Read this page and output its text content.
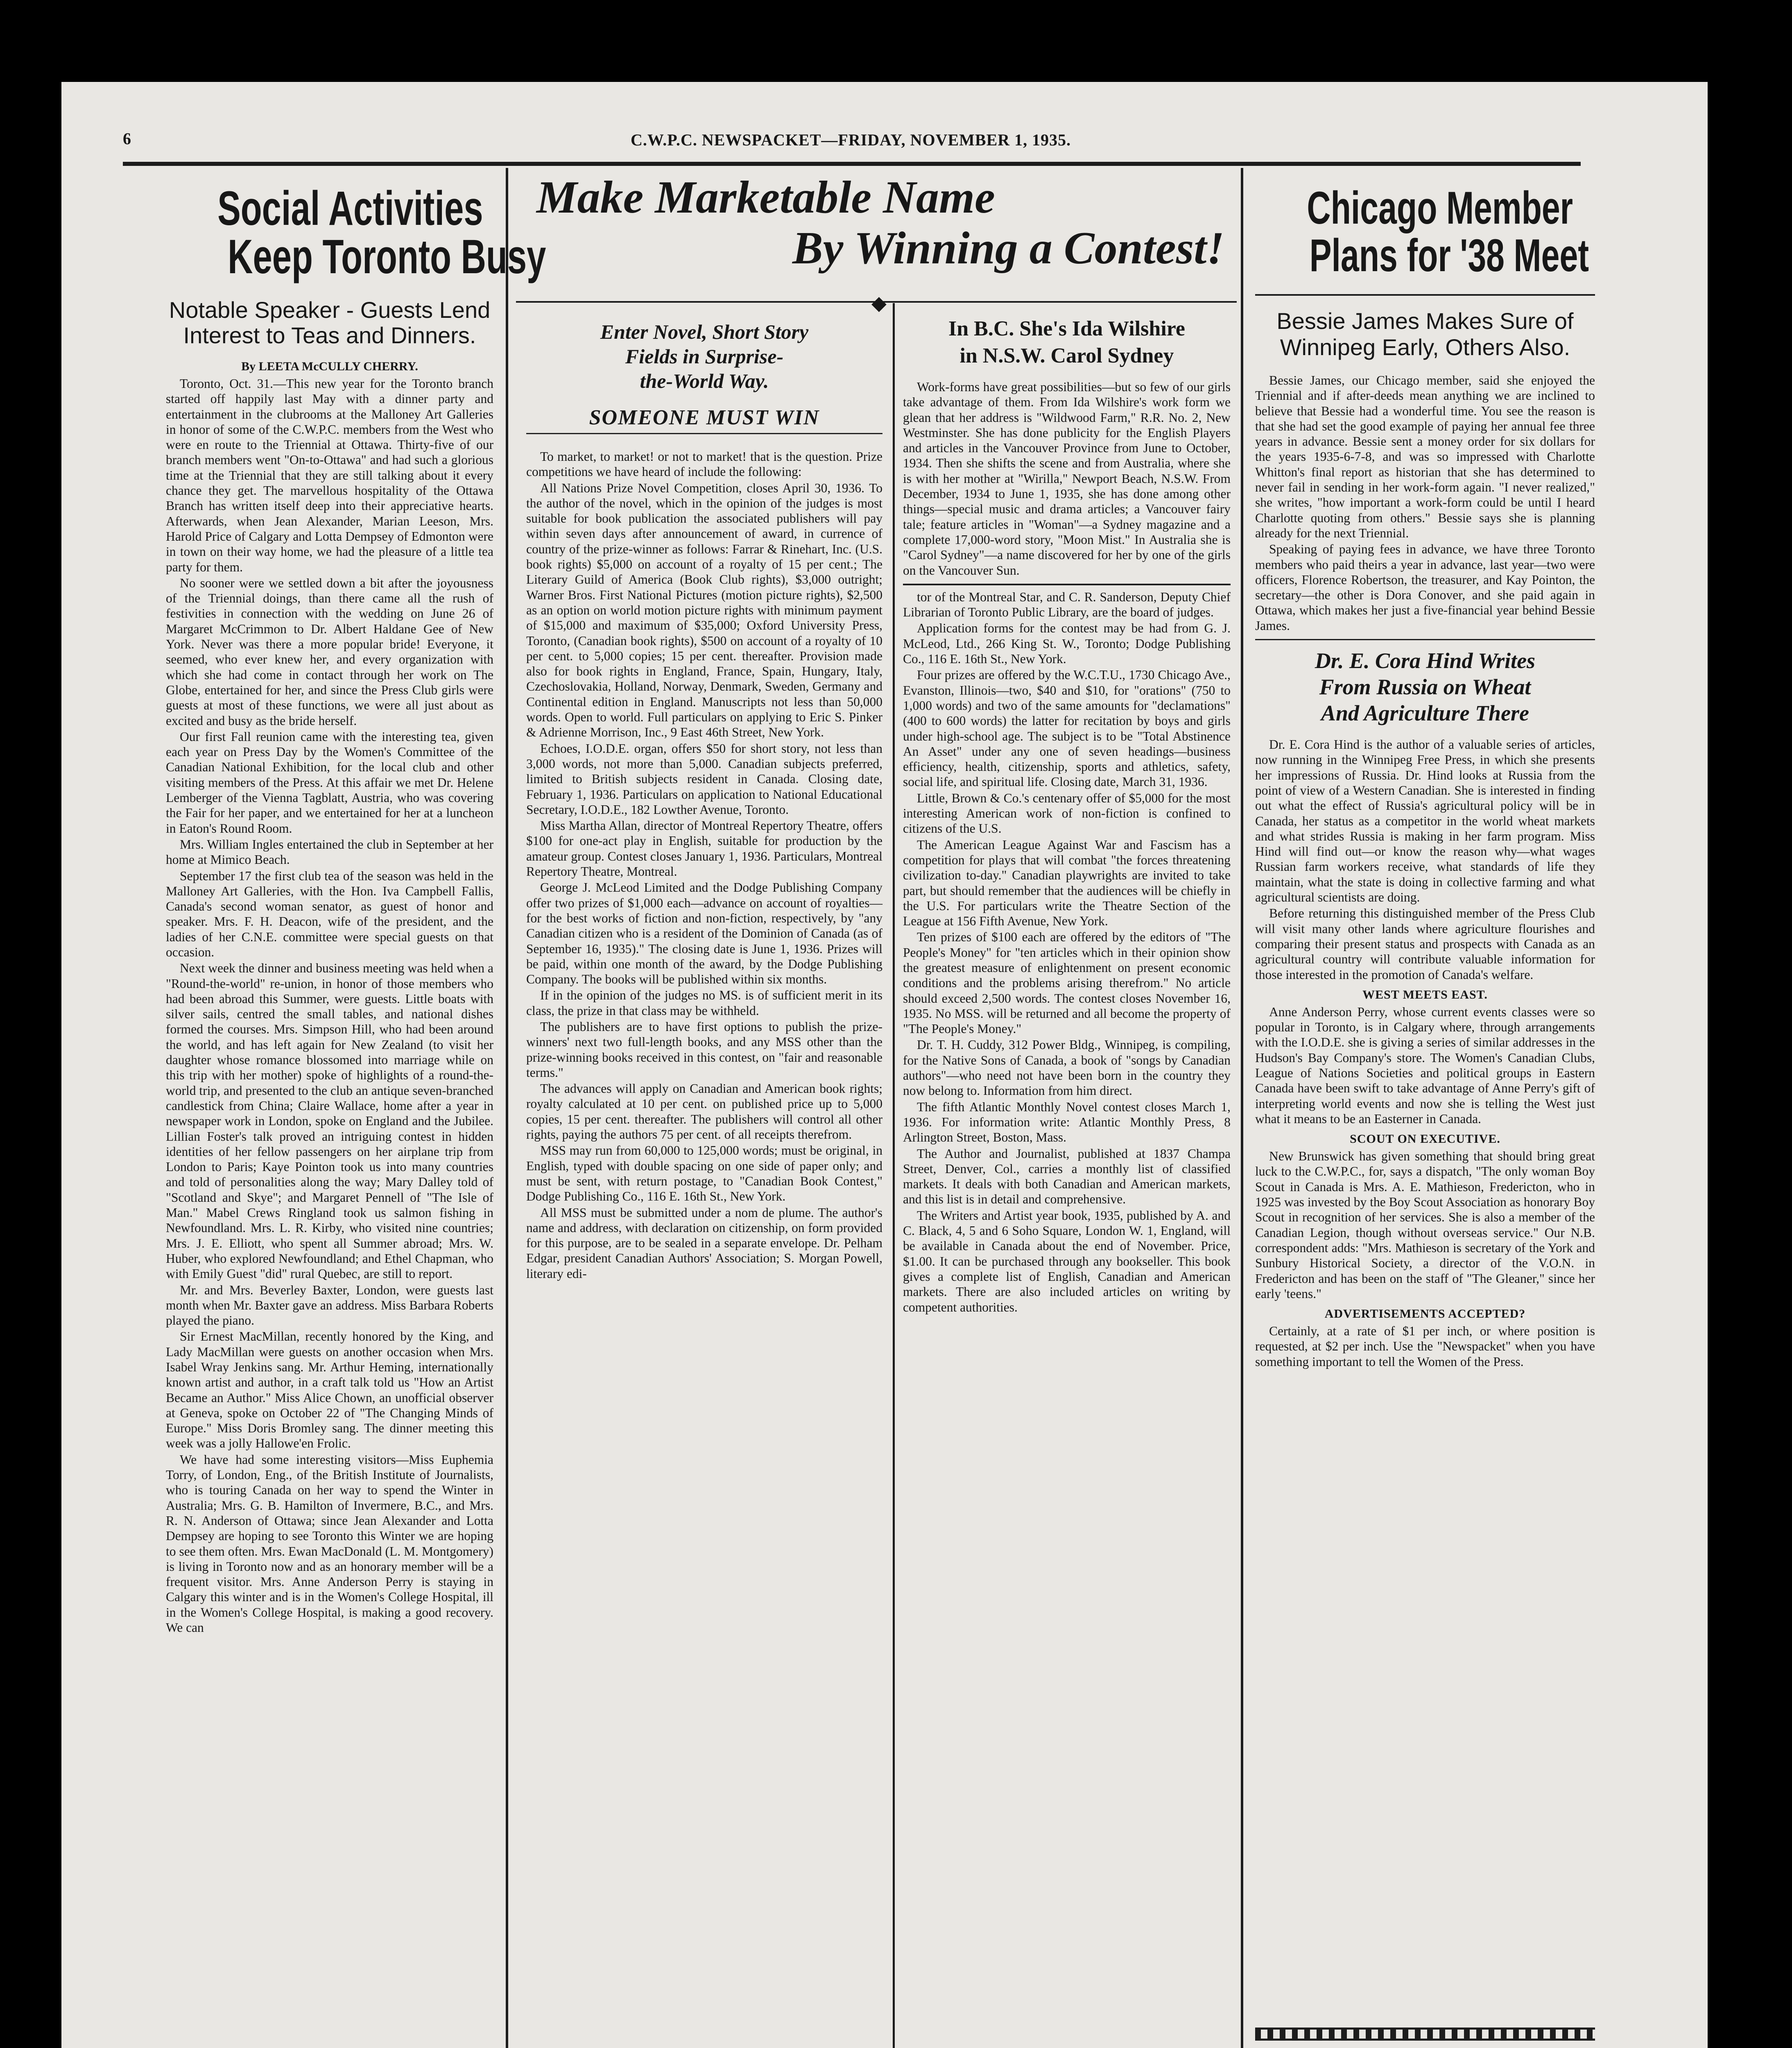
6	C.W.P.C. NEWSPACKET—FRIDAY, NOVEMBER 1, 1935.
Social Activities
Keep Toronto Busy
Notable Speaker - Guests Lend Interest to Teas and Dinners.
By LEETA McCULLY CHERRY.

Toronto, Oct. 31.—This new year for the Toronto branch started off happily last May with a dinner party and entertainment in the clubrooms at the Malloney Art Galleries in honor of some of the C.W.P.C. members from the West who were en route to the Triennial at Ottawa. Thirty-five of our branch members went "On-to-Ottawa" and had such a glorious time at the Triennial that they are still talking about it every chance they get. The marvellous hospitality of the Ottawa Branch has written itself deep into their appreciative hearts. Afterwards, when Jean Alexander, Marian Leeson, Mrs. Harold Price of Calgary and Lotta Dempsey of Edmonton were in town on their way home, we had the pleasure of a little tea party for them.

No sooner were we settled down a bit after the joyousness of the Triennial doings, than there came all the rush of festivities in connection with the wedding on June 26 of Margaret McCrimmon to Dr. Albert Haldane Gee of New York. Never was there a more popular bride! Everyone, it seemed, who ever knew her, and every organization with which she had come in contact through her work on The Globe, entertained for her, and since the Press Club girls were guests at most of these functions, we were all just about as excited and busy as the bride herself.

Our first Fall reunion came with the interesting tea, given each year on Press Day by the Women's Committee of the Canadian National Exhibition, for the local club and other visiting members of the Press. At this affair we met Dr. Helene Lemberger of the Vienna Tagblatt, Austria, who was covering the Fair for her paper, and we entertained for her at a luncheon in Eaton's Round Room.

Mrs. William Ingles entertained the club in September at her home at Mimico Beach.

September 17 the first club tea of the season was held in the Malloney Art Galleries, with the Hon. Iva Campbell Fallis, Canada's second woman senator, as guest of honor and speaker. Mrs. F. H. Deacon, wife of the president, and the ladies of her C.N.E. committee were special guests on that occasion.

Next week the dinner and business meeting was held when a "Round-the-world" re-union, in honor of those members who had been abroad this Summer, were guests. Little boats with silver sails, centred the small tables, and national dishes formed the courses. Mrs. Simpson Hill, who had been around the world, and has left again for New Zealand (to visit her daughter whose romance blossomed into marriage while on this trip with her mother) spoke of highlights of a round-the-world trip, and presented to the club an antique seven-branched candlestick from China; Claire Wallace, home after a year in newspaper work in London, spoke on England and the Jubilee. Lillian Foster's talk proved an intriguing contest in hidden identities of her fellow passengers on her airplane trip from London to Paris; Kaye Pointon took us into many countries and told of personalities along the way; Mary Dalley told of "Scotland and Skye"; and Margaret Pennell of "The Isle of Man." Mabel Crews Ringland took us salmon fishing in Newfoundland. Mrs. L. R. Kirby, who visited nine countries; Mrs. J. E. Elliott, who spent all Summer abroad; Mrs. W. Huber, who explored Newfoundland; and Ethel Chapman, who with Emily Guest "did" rural Quebec, are still to report.

Mr. and Mrs. Beverley Baxter, London, were guests last month when Mr. Baxter gave an address. Miss Barbara Roberts played the piano.

Sir Ernest MacMillan, recently honored by the King, and Lady MacMillan were guests on another occasion when Mrs. Isabel Wray Jenkins sang. Mr. Arthur Heming, internationally known artist and author, in a craft talk told us "How an Artist Became an Author." Miss Alice Chown, an unofficial observer at Geneva, spoke on October 22 of "The Changing Minds of Europe." Miss Doris Bromley sang. The dinner meeting this week was a jolly Hallowe'en Frolic.

We have had some interesting visitors—Miss Euphemia Torry, of London, Eng., of the British Institute of Journalists, who is touring Canada on her way to spend the Winter in Australia; Mrs. G. B. Hamilton of Invermere, B.C., and Mrs. R. N. Anderson of Ottawa; since Jean Alexander and Lotta Dempsey are hoping to see Toronto this Winter we are hoping to see them often. Mrs. Ewan MacDonald (L. M. Montgomery) is living in Toronto now and as an honorary member will be a frequent visitor. Mrs. Anne Anderson Perry is staying in Calgary this winter and is in the Women's College Hospital, ill in the Women's College Hospital, is making a good recovery. We can

Make Marketable Name
By Winning a Contest!
◆
Enter Novel, Short Story
Fields in Surprise-
the-World Way.
SOMEONE MUST WIN

To market, to market! or not to market! that is the question. Prize competitions we have heard of include the following:

All Nations Prize Novel Competition, closes April 30, 1936. To the author of the novel, which in the opinion of the judges is most suitable for book publication the associated publishers will pay within seven days after announcement of award, in currence of country of the prize-winner as follows: Farrar & Rinehart, Inc. (U.S. book rights) $5,000 on account of a royalty of 15 per cent.; The Literary Guild of America (Book Club rights), $3,000 outright; Warner Bros. First National Pictures (motion picture rights), $2,500 as an option on world motion picture rights with minimum payment of $15,000 and maximum of $35,000; Oxford University Press, Toronto, (Canadian book rights), $500 on account of a royalty of 10 per cent. to 5,000 copies; 15 per cent. thereafter. Provision made also for book rights in England, France, Spain, Hungary, Italy, Czechoslovakia, Holland, Norway, Denmark, Sweden, Germany and Continental edition in England. Manuscripts not less than 50,000 words. Open to world. Full particulars on applying to Eric S. Pinker & Adrienne Morrison, Inc., 9 East 46th Street, New York.

Echoes, I.O.D.E. organ, offers $50 for short story, not less than 3,000 words, not more than 5,000. Canadian subjects preferred, limited to British subjects resident in Canada. Closing date, February 1, 1936. Particulars on application to National Educational Secretary, I.O.D.E., 182 Lowther Avenue, Toronto.

Miss Martha Allan, director of Montreal Repertory Theatre, offers $100 for one-act play in English, suitable for production by the amateur group. Contest closes January 1, 1936. Particulars, Montreal Repertory Theatre, Montreal.

George J. McLeod Limited and the Dodge Publishing Company offer two prizes of $1,000 each—advance on account of royalties—for the best works of fiction and non-fiction, respectively, by "any Canadian citizen who is a resident of the Dominion of Canada (as of September 16, 1935)." The closing date is June 1, 1936. Prizes will be paid, within one month of the award, by the Dodge Publishing Company. The books will be published within six months.

If in the opinion of the judges no MS. is of sufficient merit in its class, the prize in that class may be withheld.

The publishers are to have first options to publish the prize-winners' next two full-length books, and any MSS other than the prize-winning books received in this contest, on "fair and reasonable terms."

The advances will apply on Canadian and American book rights; royalty calculated at 10 per cent. on published price up to 5,000 copies, 15 per cent. thereafter. The publishers will control all other rights, paying the authors 75 per cent. of all receipts therefrom.

MSS may run from 60,000 to 125,000 words; must be original, in English, typed with double spacing on one side of paper only; and must be sent, with return postage, to "Canadian Book Contest," Dodge Publishing Co., 116 E. 16th St., New York.

All MSS must be submitted under a nom de plume. The author's name and address, with declaration on citizenship, on form provided for this purpose, are to be sealed in a separate envelope. Dr. Pelham Edgar, president Canadian Authors' Association; S. Morgan Powell, literary edi-

In B.C. She's Ida Wilshire
in N.S.W. Carol Sydney

Work-forms have great possibilities—but so few of our girls take advantage of them. From Ida Wilshire's work form we glean that her address is "Wildwood Farm," R.R. No. 2, New Westminster. She has done publicity for the English Players and articles in the Vancouver Province from June to October, 1934. Then she shifts the scene and from Australia, where she is with her mother at "Wirilla," Newport Beach, N.S.W. From December, 1934 to June 1, 1935, she has done among other things—special music and drama articles; a Vancouver fairy tale; feature articles in "Woman"—a Sydney magazine and a complete 17,000-word story, "Moon Mist." In Australia she is "Carol Sydney"—a name discovered for her by one of the girls on the Vancouver Sun.

tor of the Montreal Star, and C. R. Sanderson, Deputy Chief Librarian of Toronto Public Library, are the board of judges.

Application forms for the contest may be had from G. J. McLeod, Ltd., 266 King St. W., Toronto; Dodge Publishing Co., 116 E. 16th St., New York.

Four prizes are offered by the W.C.T.U., 1730 Chicago Ave., Evanston, Illinois—two, $40 and $10, for "orations" (750 to 1,000 words) and two of the same amounts for "declamations" (400 to 600 words) the latter for recitation by boys and girls under high-school age. The subject is to be "Total Abstinence An Asset" under any one of seven headings—business efficiency, health, citizenship, sports and athletics, safety, social life, and spiritual life. Closing date, March 31, 1936.

Little, Brown & Co.'s centenary offer of $5,000 for the most interesting American work of non-fiction is confined to citizens of the U.S.

The American League Against War and Fascism has a competition for plays that will combat "the forces threatening civilization to-day." Canadian playwrights are invited to take part, but should remember that the audiences will be chiefly in the U.S. For particulars write the Theatre Section of the League at 156 Fifth Avenue, New York.

Ten prizes of $100 each are offered by the editors of "The People's Money" for "ten articles which in their opinion show the greatest measure of enlightenment on present economic conditions and the problems arising therefrom." No article should exceed 2,500 words. The contest closes November 16, 1935. No MSS. will be returned and all become the property of "The People's Money."

Dr. T. H. Cuddy, 312 Power Bldg., Winnipeg, is compiling, for the Native Sons of Canada, a book of "songs by Canadian authors"—who need not have been born in the country they now belong to. Information from him direct.

The fifth Atlantic Monthly Novel contest closes March 1, 1936. For information write: Atlantic Monthly Press, 8 Arlington Street, Boston, Mass.

The Author and Journalist, published at 1837 Champa Street, Denver, Col., carries a monthly list of classified markets. It deals with both Canadian and American markets, and this list is in detail and comprehensive.

The Writers and Artist year book, 1935, published by A. and C. Black, 4, 5 and 6 Soho Square, London W. 1, England, will be available in Canada about the end of November. Price, $1.00. It can be purchased through any bookseller. This book gives a complete list of English, Canadian and American markets. There are also included articles on writing by competent authorities.

Chicago Member
Plans for '38 Meet
Bessie James Makes Sure of Winnipeg Early, Others Also.

Bessie James, our Chicago member, said she enjoyed the Triennial and if after-deeds mean anything we are inclined to believe that Bessie had a wonderful time. You see the reason is that she had set the good example of paying her annual fee three years in advance. Bessie sent a money order for six dollars for the years 1935-6-7-8, and was so impressed with Charlotte Whitton's final report as historian that she has determined to never fail in sending in her work-form again. "I never realized," she writes, "how important a work-form could be until I heard Charlotte quoting from others." Bessie says she is planning already for the next Triennial.

Speaking of paying fees in advance, we have three Toronto members who paid theirs a year in advance, last year—two were officers, Florence Robertson, the treasurer, and Kay Pointon, the secretary—the other is Dora Conover, and she paid again in Ottawa, which makes her just a five-financial year behind Bessie James.

Dr. E. Cora Hind Writes
From Russia on Wheat
And Agriculture There

Dr. E. Cora Hind is the author of a valuable series of articles, now running in the Winnipeg Free Press, in which she presents her impressions of Russia. Dr. Hind looks at Russia from the point of view of a Western Canadian. She is interested in finding out what the effect of Russia's agricultural policy will be in Canada, her status as a competitor in the world wheat markets and what strides Russia is making in her farm program. Miss Hind will find out—or know the reason why—what wages Russian farm workers receive, what standards of life they maintain, what the state is doing in collective farming and what agricultural scientists are doing.

Before returning this distinguished member of the Press Club will visit many other lands where agriculture flourishes and comparing their present status and prospects with Canada as an agricultural country will contribute valuable information for those interested in the promotion of Canada's welfare.

WEST MEETS EAST.

Anne Anderson Perry, whose current events classes were so popular in Toronto, is in Calgary where, through arrangements with the I.O.D.E. she is giving a series of similar addresses in the Hudson's Bay Company's store. The Women's Canadian Clubs, League of Nations Societies and political groups in Eastern Canada have been swift to take advantage of Anne Perry's gift of interpreting world events and now she is telling the West just what it means to be an Easterner in Canada.

SCOUT ON EXECUTIVE.

New Brunswick has given something that should bring great luck to the C.W.P.C., for, says a dispatch, "The only woman Boy Scout in Canada is Mrs. A. E. Mathieson, Fredericton, who in 1925 was invested by the Boy Scout Association as honorary Boy Scout in recognition of her services. She is also a member of the Canadian Legion, though without overseas service." Our N.B. correspondent adds: "Mrs. Mathieson is secretary of the York and Sunbury Historical Society, a director of the V.O.N. in Fredericton and has been on the staff of "The Gleaner," since her early 'teens."

ADVERTISEMENTS ACCEPTED?

Certainly, at a rate of $1 per inch, or where position is requested, at $2 per inch. Use the "Newspacket" when you have something important to tell the Women of the Press.
